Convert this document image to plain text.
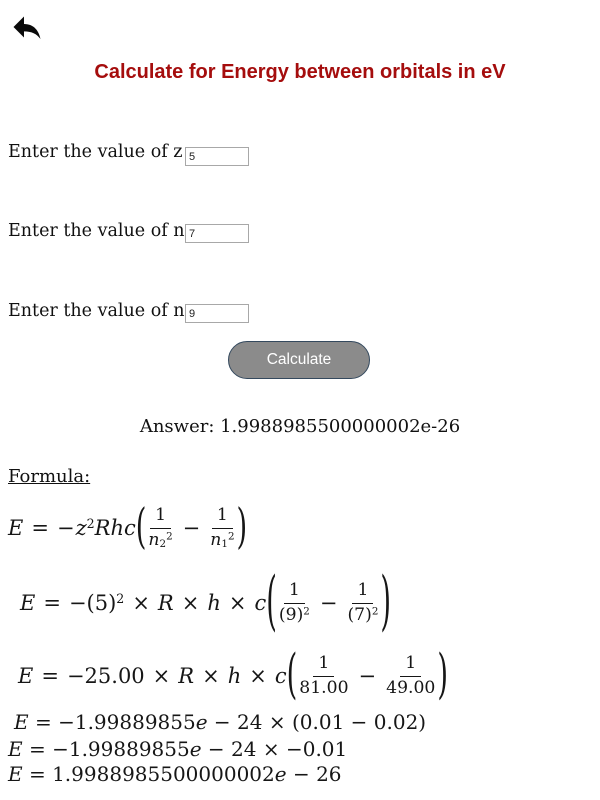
Calculate for Energy between orbitals in eV
Enter the value of z
5
Enter the value of n
7
Enter the value of n
9
Calculate
Answer: 1.9988985500000002e-26
Formula:
E = − $z^2Rhc$ ( $\frac{1}{n_2^2} - \frac{1}{n_1^2}$ )
$E = -(5)^2 \times R \times h \times c$ ( $\frac{1}{(9)^2} - \frac{1}{(7)^2}$ )
E = −25.00 × R × h × c ( $\frac{1}{81.00} - \frac{1}{49.00}$ )
E = −1.99889855e − 24 × (0.01 − 0.02)
E = −1.99889855e − 24 × −0.01
E = 1.9988985500000002e − 26
